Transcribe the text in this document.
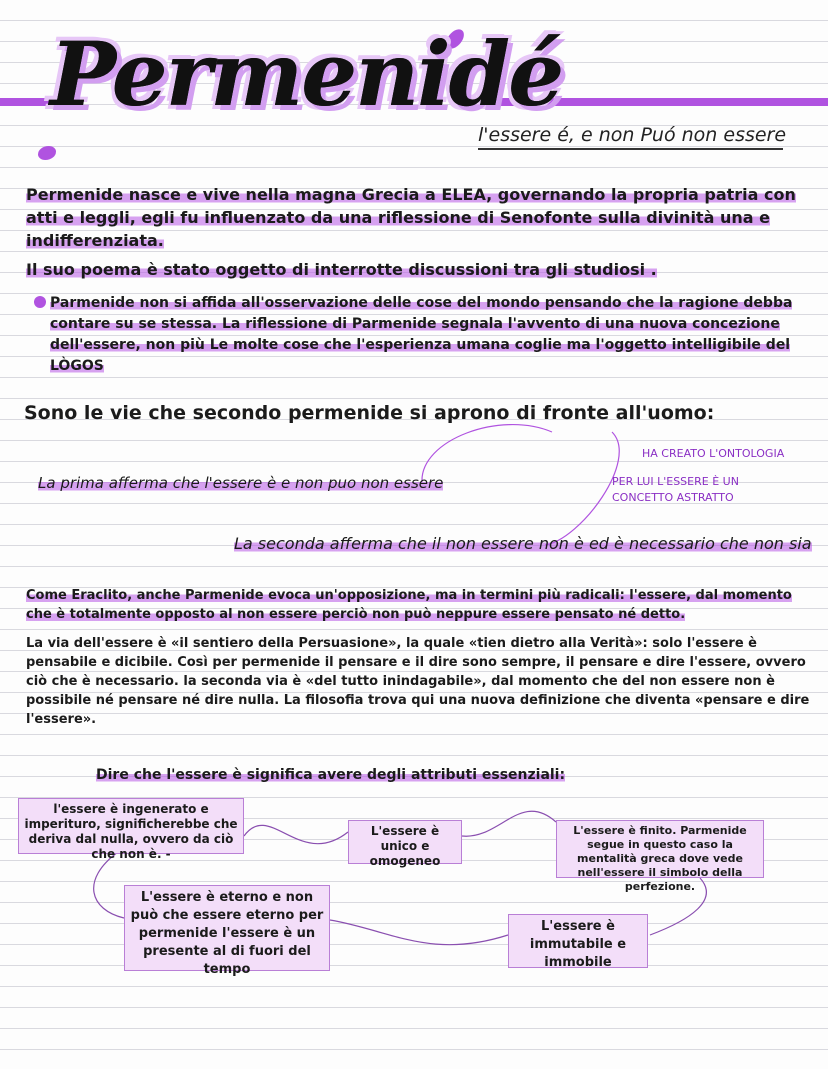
Permenidé
l'essere é, e non Puó non essere
Permenide nasce e vive nella magna Grecia a ELEA, governando la propria patria con atti e leggli, egli fu influenzato da una riflessione di Senofonte sulla divinità una e indifferenziata.
Il suo poema è stato oggetto di interrotte discussioni tra gli studiosi .
Parmenide non si affida all'osservazione delle cose del mondo pensando che la ragione debba contare su se stessa. La riflessione di Parmenide segnala l'avvento di una nuova concezione dell'essere, non più Le molte cose che l'esperienza umana coglie ma l'oggetto intelligibile del LÒGOS
Sono le vie che secondo permenide si aprono di fronte all'uomo:
La prima afferma che l'essere è e non puo non essere
La seconda afferma che il non essere non è ed è necessario che non sia
HA CREATO L'ONTOLOGIA
PER LUI L'ESSERE È UN CONCETTO ASTRATTO
Come Eraclito, anche Parmenide evoca un'opposizione, ma in termini più radicali: l'essere, dal momento che è totalmente opposto al non essere perciò non può neppure essere pensato né detto.
La via dell'essere è «il sentiero della Persuasione», la quale «tien dietro alla Verità»: solo l'essere è pensabile e dicibile. Così per permenide il pensare e il dire sono sempre, il pensare e dire l'essere, ovvero ciò che è necessario. la seconda via è «del tutto inindagabile», dal momento che del non essere non è possibile né pensare né dire nulla. La filosofia trova qui una nuova definizione che diventa «pensare e dire l'essere».
Dire che l'essere è significa avere degli attributi essenziali:
l'essere è ingenerato e imperituro, significherebbe che deriva dal nulla, ovvero da ciò che non è. -
L'essere è unico e omogeneo
L'essere è finito. Parmenide segue in questo caso la mentalità greca dove vede nell'essere il simbolo della perfezione.
L'essere è eterno e non può che essere eterno per permenide l'essere è un presente al di fuori del tempo
L'essere è immutabile e immobile
